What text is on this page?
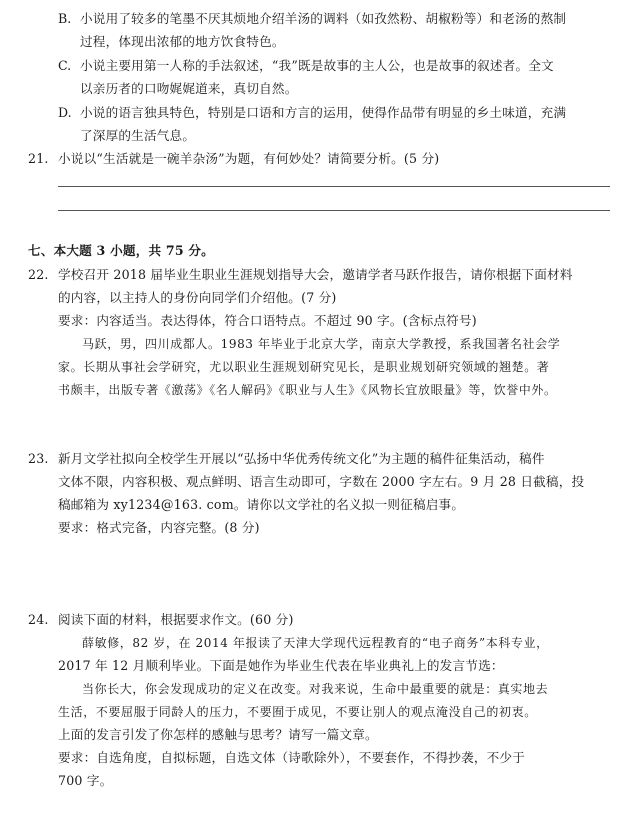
B. 小说用了较多的笔墨不厌其烦地介绍羊汤的调料（如孜然粉、胡椒粉等）和老汤的熬制
过程，体现出浓郁的地方饮食特色。
C. 小说主要用第一人称的手法叙述，“我”既是故事的主人公，也是故事的叙述者。全文
以亲历者的口吻娓娓道来，真切自然。
D. 小说的语言独具特色，特别是口语和方言的运用，使得作品带有明显的乡土味道，充满
了深厚的生活气息。
21. 小说以“生活就是一碗羊杂汤”为题，有何妙处？请简要分析。(5 分)
七、本大题 3 小题，共 75 分。
22. 学校召开 2018 届毕业生职业生涯规划指导大会，邀请学者马跃作报告，请你根据下面材料
的内容，以主持人的身份向同学们介绍他。(7 分)
要求：内容适当。表达得体，符合口语特点。不超过 90 字。(含标点符号)
马跃，男，四川成都人。1983 年毕业于北京大学，南京大学教授，系我国著名社会学
家。长期从事社会学研究，尤以职业生涯规划研究见长，是职业规划研究领域的翘楚。著
书颇丰，出版专著《激荡》《名人解码》《职业与人生》《风物长宜放眼量》等，饮誉中外。
23. 新月文学社拟向全校学生开展以“弘扬中华优秀传统文化”为主题的稿件征集活动，稿件
文体不限，内容积极、观点鲜明、语言生动即可，字数在 2000 字左右。9 月 28 日截稿，投
稿邮箱为 xy1234@163. com。请你以文学社的名义拟一则征稿启事。
要求：格式完备，内容完整。(8 分)
24. 阅读下面的材料，根据要求作文。(60 分)
薛敏修，82 岁，在 2014 年报读了天津大学现代远程教育的“电子商务”本科专业，
2017 年 12 月顺利毕业。下面是她作为毕业生代表在毕业典礼上的发言节选：
当你长大，你会发现成功的定义在改变。对我来说，生命中最重要的就是：真实地去
生活，不要屈服于同龄人的压力，不要囿于成见，不要让别人的观点淹没自己的初衷。
上面的发言引发了你怎样的感触与思考？请写一篇文章。
要求：自选角度，自拟标题，自选文体（诗歌除外），不要套作，不得抄袭，不少于
700 字。
